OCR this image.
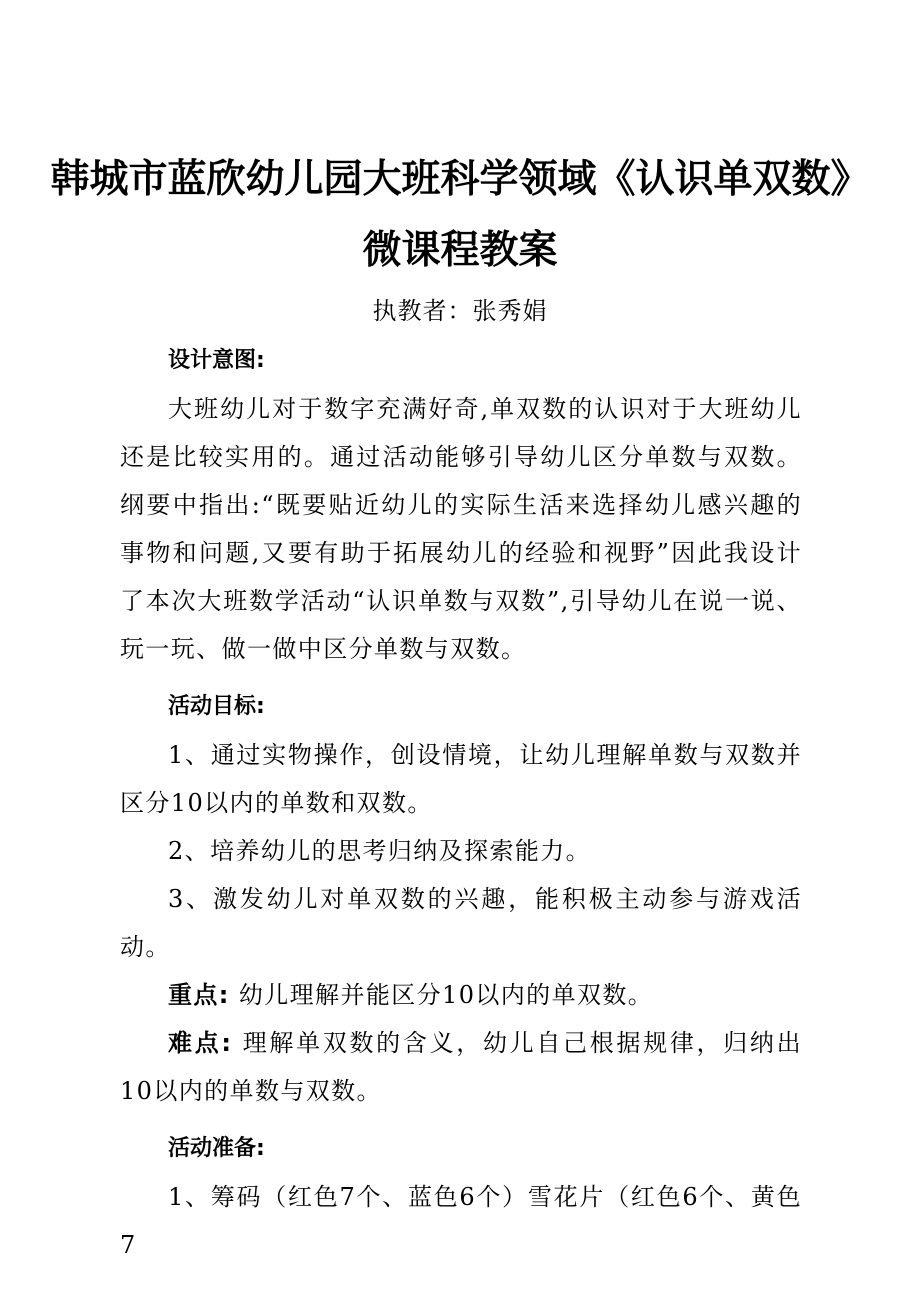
韩城市蓝欣幼儿园大班科学领域《认识单双数》
微课程教案
执教者：张秀娟
设计意图:

大班幼儿对于数字充满好奇,单双数的认识对于大班幼儿还是比较实用的。通过活动能够引导幼儿区分单数与双数。纲要中指出:“既要贴近幼儿的实际生活来选择幼儿感兴趣的事物和问题,又要有助于拓展幼儿的经验和视野”因此我设计了本次大班数学活动“认识单数与双数”,引导幼儿在说一说、玩一玩、做一做中区分单数与双数。

活动目标:

1、通过实物操作，创设情境，让幼儿理解单数与双数并区分10以内的单数和双数。

2、培养幼儿的思考归纳及探索能力。

3、激发幼儿对单双数的兴趣，能积极主动参与游戏活动。

重点: 幼儿理解并能区分10以内的单双数。

难点: 理解单双数的含义，幼儿自己根据规律，归纳出10以内的单数与双数。

活动准备:

1、筹码（红色7个、蓝色6个）雪花片（红色6个、黄色7
